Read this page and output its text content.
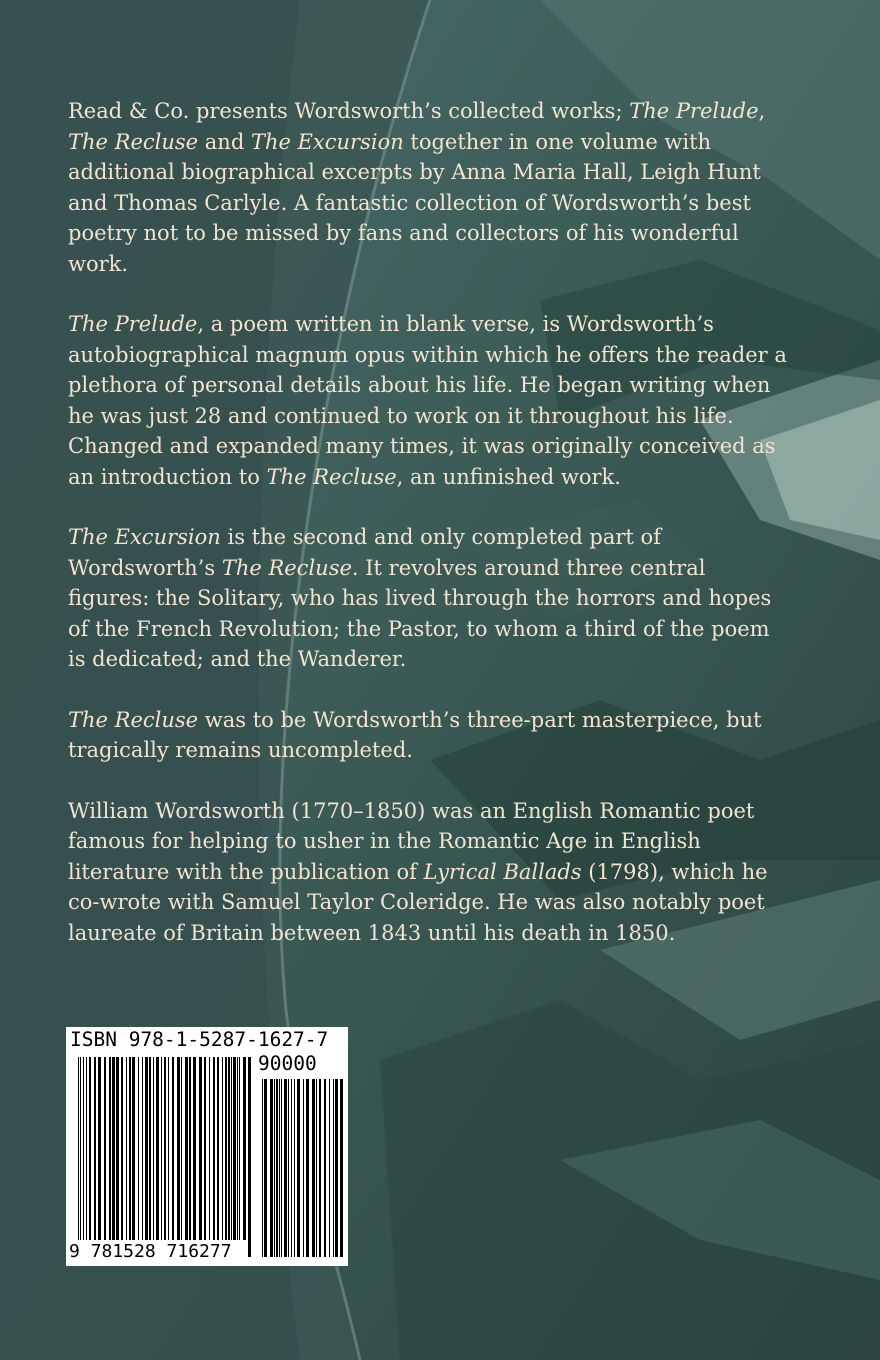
Read & Co. presents Wordsworth’s collected works; The Prelude, The Recluse and The Excursion together in one volume with additional biographical excerpts by Anna Maria Hall, Leigh Hunt and Thomas Carlyle. A fantastic collection of Wordsworth’s best poetry not to be missed by fans and collectors of his wonderful work.

The Prelude, a poem written in blank verse, is Wordsworth’s autobiographical magnum opus within which he offers the reader a plethora of personal details about his life. He began writing when he was just 28 and continued to work on it throughout his life. Changed and expanded many times, it was originally conceived as an introduction to The Recluse, an unfinished work.

The Excursion is the second and only completed part of Wordsworth’s The Recluse. It revolves around three central figures: the Solitary, who has lived through the horrors and hopes of the French Revolution; the Pastor, to whom a third of the poem is dedicated; and the Wanderer.

The Recluse was to be Wordsworth’s three-part masterpiece, but tragically remains uncompleted.

William Wordsworth (1770–1850) was an English Romantic poet famous for helping to usher in the Romantic Age in English literature with the publication of Lyrical Ballads (1798), which he co-wrote with Samuel Taylor Coleridge. He was also notably poet laureate of Britain between 1843 until his death in 1850.

ISBN 978-1-5287-1627-7
90000
9 781528 716277
